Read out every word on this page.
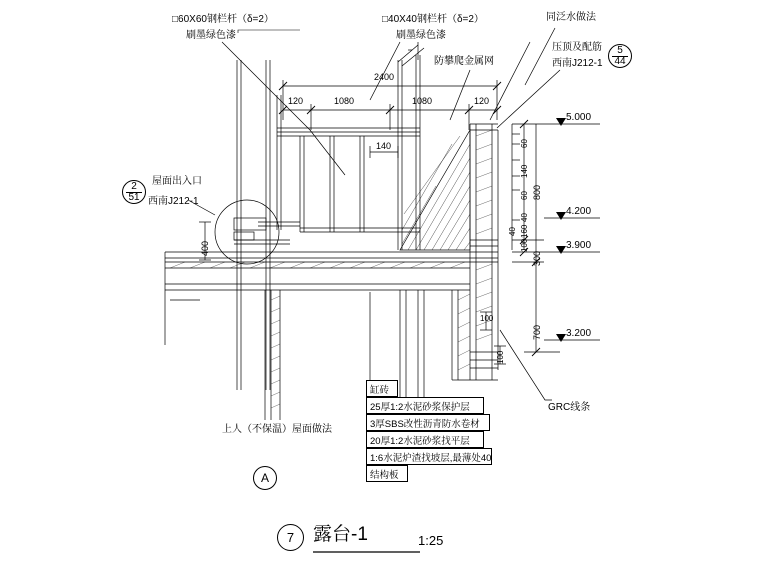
□60X60钢栏杆（δ=2）
刷墨绿色漆
□40X40钢栏杆（δ=2）
刷墨绿色漆
同泛水做法
压顶及配筋
西南J212-1
防攀爬金属网
5
44
2
51
屋面出入口
西南J212-1
2400
120	1080	1080	120
140
800
300
700
100
60
160
40
140
60
40
400
100
100
5.000
4.200
3.900
3.200
GRC线条
上人（不保温）屋面做法
缸砖
25厚1:2水泥砂浆保护层
3厚SBS改性沥青防水卷材
20厚1:2水泥砂浆找平层
1:6水泥炉渣找坡层,最薄处40
结构板
A
7 露台-1	1:25
